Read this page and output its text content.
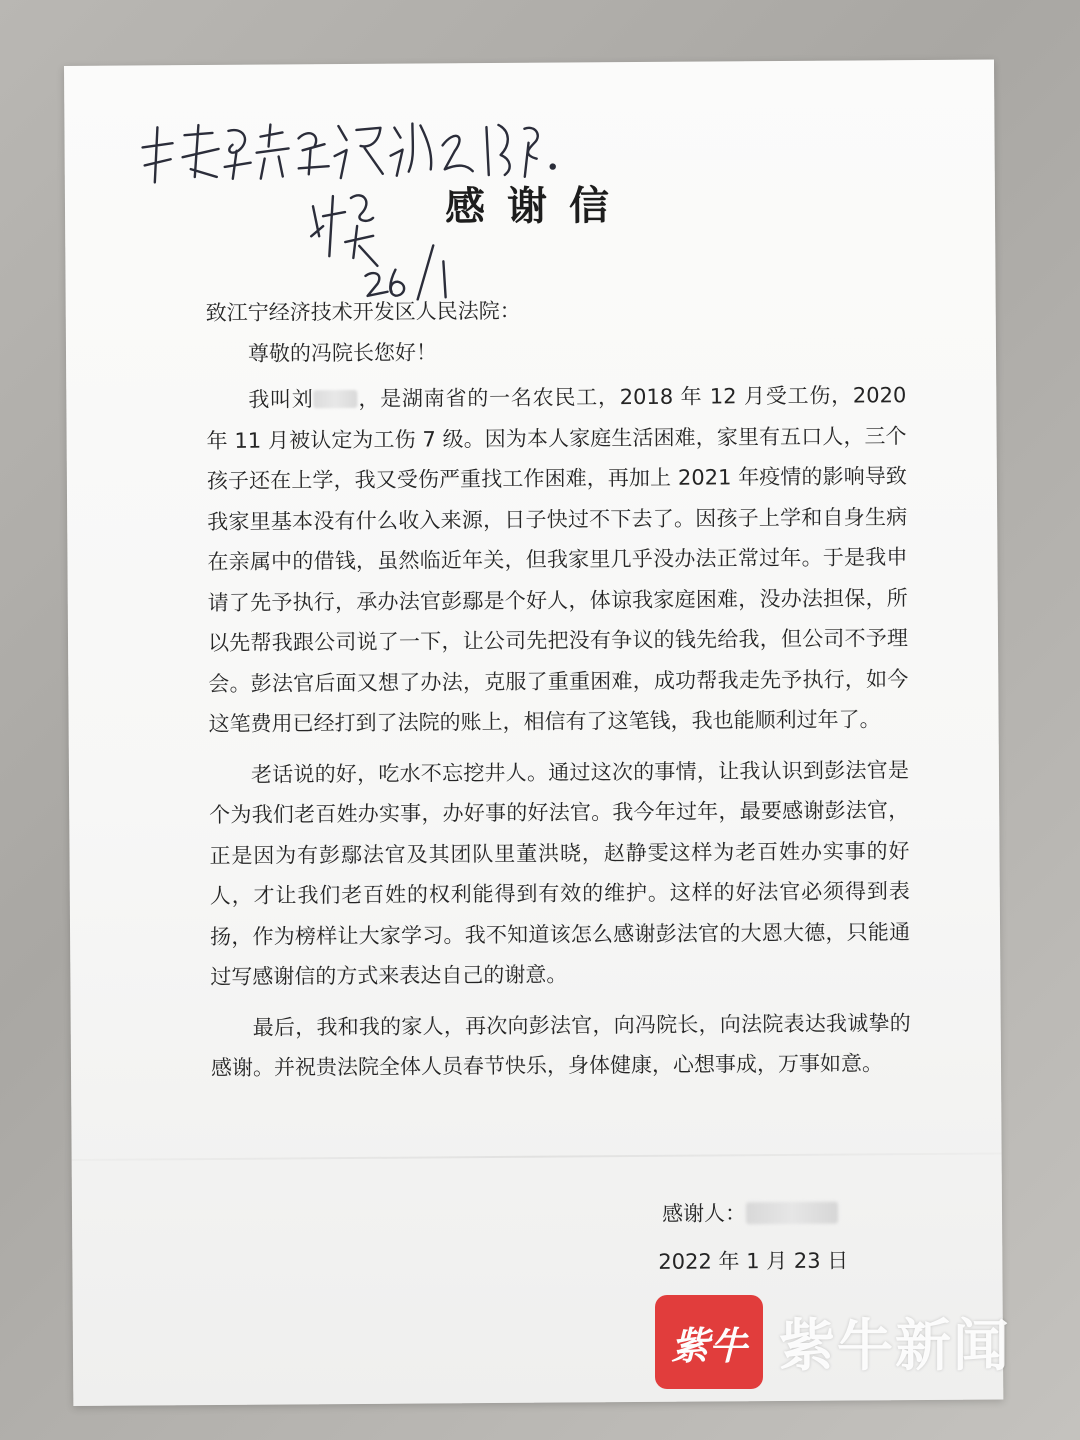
平安好亲近河分以说。
感谢信

致江宁经济技术开发区人民法院：

尊敬的冯院长您好！

我叫刘 ，是湖南省的一名农民工，2018 年 12 月受工伤，2020 年 11 月被认定为工伤 7 级。因为本人家庭生活困难，家里有五口人，三个孩子还在上学，我又受伤严重找工作困难，再加上 2021 年疫情的影响导致我家里基本没有什么收入来源，日子快过不下去了。因孩子上学和自身生病在亲属中的借钱，虽然临近年关，但我家里几乎没办法正常过年。于是我申请了先予执行，承办法官彭鄢是个好人，体谅我家庭困难，没办法担保，所以先帮我跟公司说了一下，让公司先把没有争议的钱先给我，但公司不予理会。彭法官后面又想了办法，克服了重重困难，成功帮我走先予执行，如今这笔费用已经打到了法院的账上，相信有了这笔钱，我也能顺利过年了。

老话说的好，吃水不忘挖井人。通过这次的事情，让我认识到彭法官是个为我们老百姓办实事，办好事的好法官。我今年过年，最要感谢彭法官，正是因为有彭鄢法官及其团队里董洪晓，赵静雯这样为老百姓办实事的好人，才让我们老百姓的权利能得到有效的维护。这样的好法官必须得到表扬，作为榜样让大家学习。我不知道该怎么感谢彭法官的大恩大德，只能通过写感谢信的方式来表达自己的谢意。

最后，我和我的家人，再次向彭法官，向冯院长，向法院表达我诚挚的感谢。并祝贵法院全体人员春节快乐，身体健康，心想事成，万事如意。

感谢人：
2022 年 1 月 23 日
紫牛 紫牛新闻
